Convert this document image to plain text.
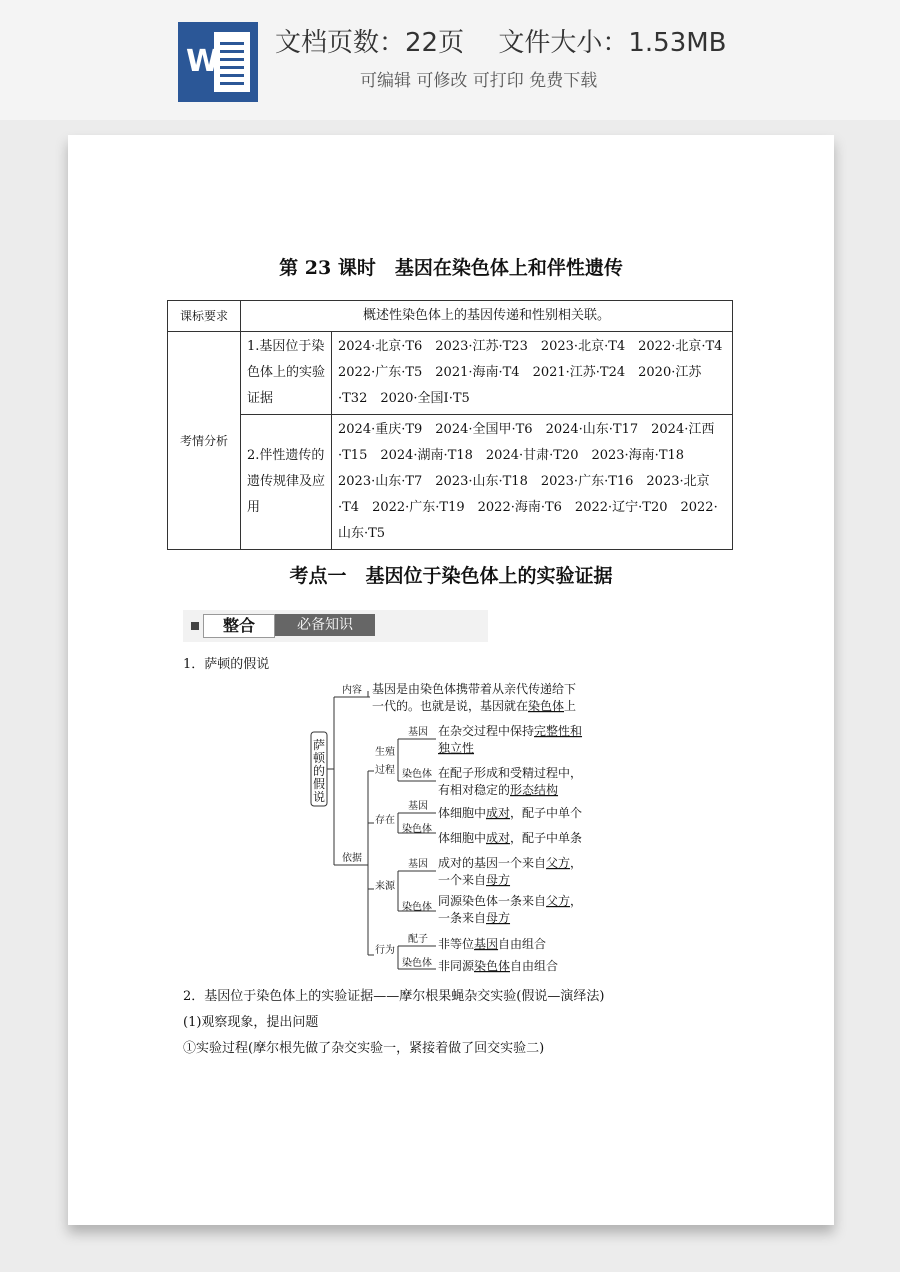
W
文档页数：22页　 文件大小：1.53MB
可编辑 可修改 可打印 免费下载
第 23 课时　基因在染色体上和伴性遗传
课标要求	概述性染色体上的基因传递和性别相关联。	
考情分析	1.基因位于染色体上的实验证据	2024·北京·T6　2023·江苏·T23　2023·北京·T4　2022·北京·T4　2022·广东·T5　2021·海南·T4　2021·江苏·T24　2020·江苏·T32　2020·全国Ⅰ·T5
	2.伴性遗传的遗传规律及应用	2024·重庆·T9　2024·全国甲·T6　2024·山东·T17　2024·江西·T15　2024·湖南·T18　2024·甘肃·T20　2023·海南·T18　2023·山东·T7　2023·山东·T18　2023·广东·T16　2023·北京·T4　2022·广东·T19　2022·海南·T6　2022·辽宁·T20　2022·山东·T5
考点一　基因位于染色体上的实验证据
整合	必备知识
1．萨顿的假说
萨
顿
的
假
说
内容 基因是由染色体携带着从亲代传递给下
一代的。也就是说，基因就在染色体上
依据
生殖
过程
基因
染色体
在杂交过程中保持完整性和
独立性
在配子形成和受精过程中，
有相对稳定的形态结构
存在
基因
染色体
体细胞中成对，配子中单个
体细胞中成对，配子中单条
来源
基因
染色体
成对的基因一个来自父方，
一个来自母方
同源染色体一条来自父方，
一条来自母方
行为
配子
染色体
非等位基因自由组合
非同源染色体自由组合
2．基因位于染色体上的实验证据——摩尔根果蝇杂交实验(假说—演绎法)
(1)观察现象，提出问题
①实验过程(摩尔根先做了杂交实验一，紧接着做了回交实验二)
